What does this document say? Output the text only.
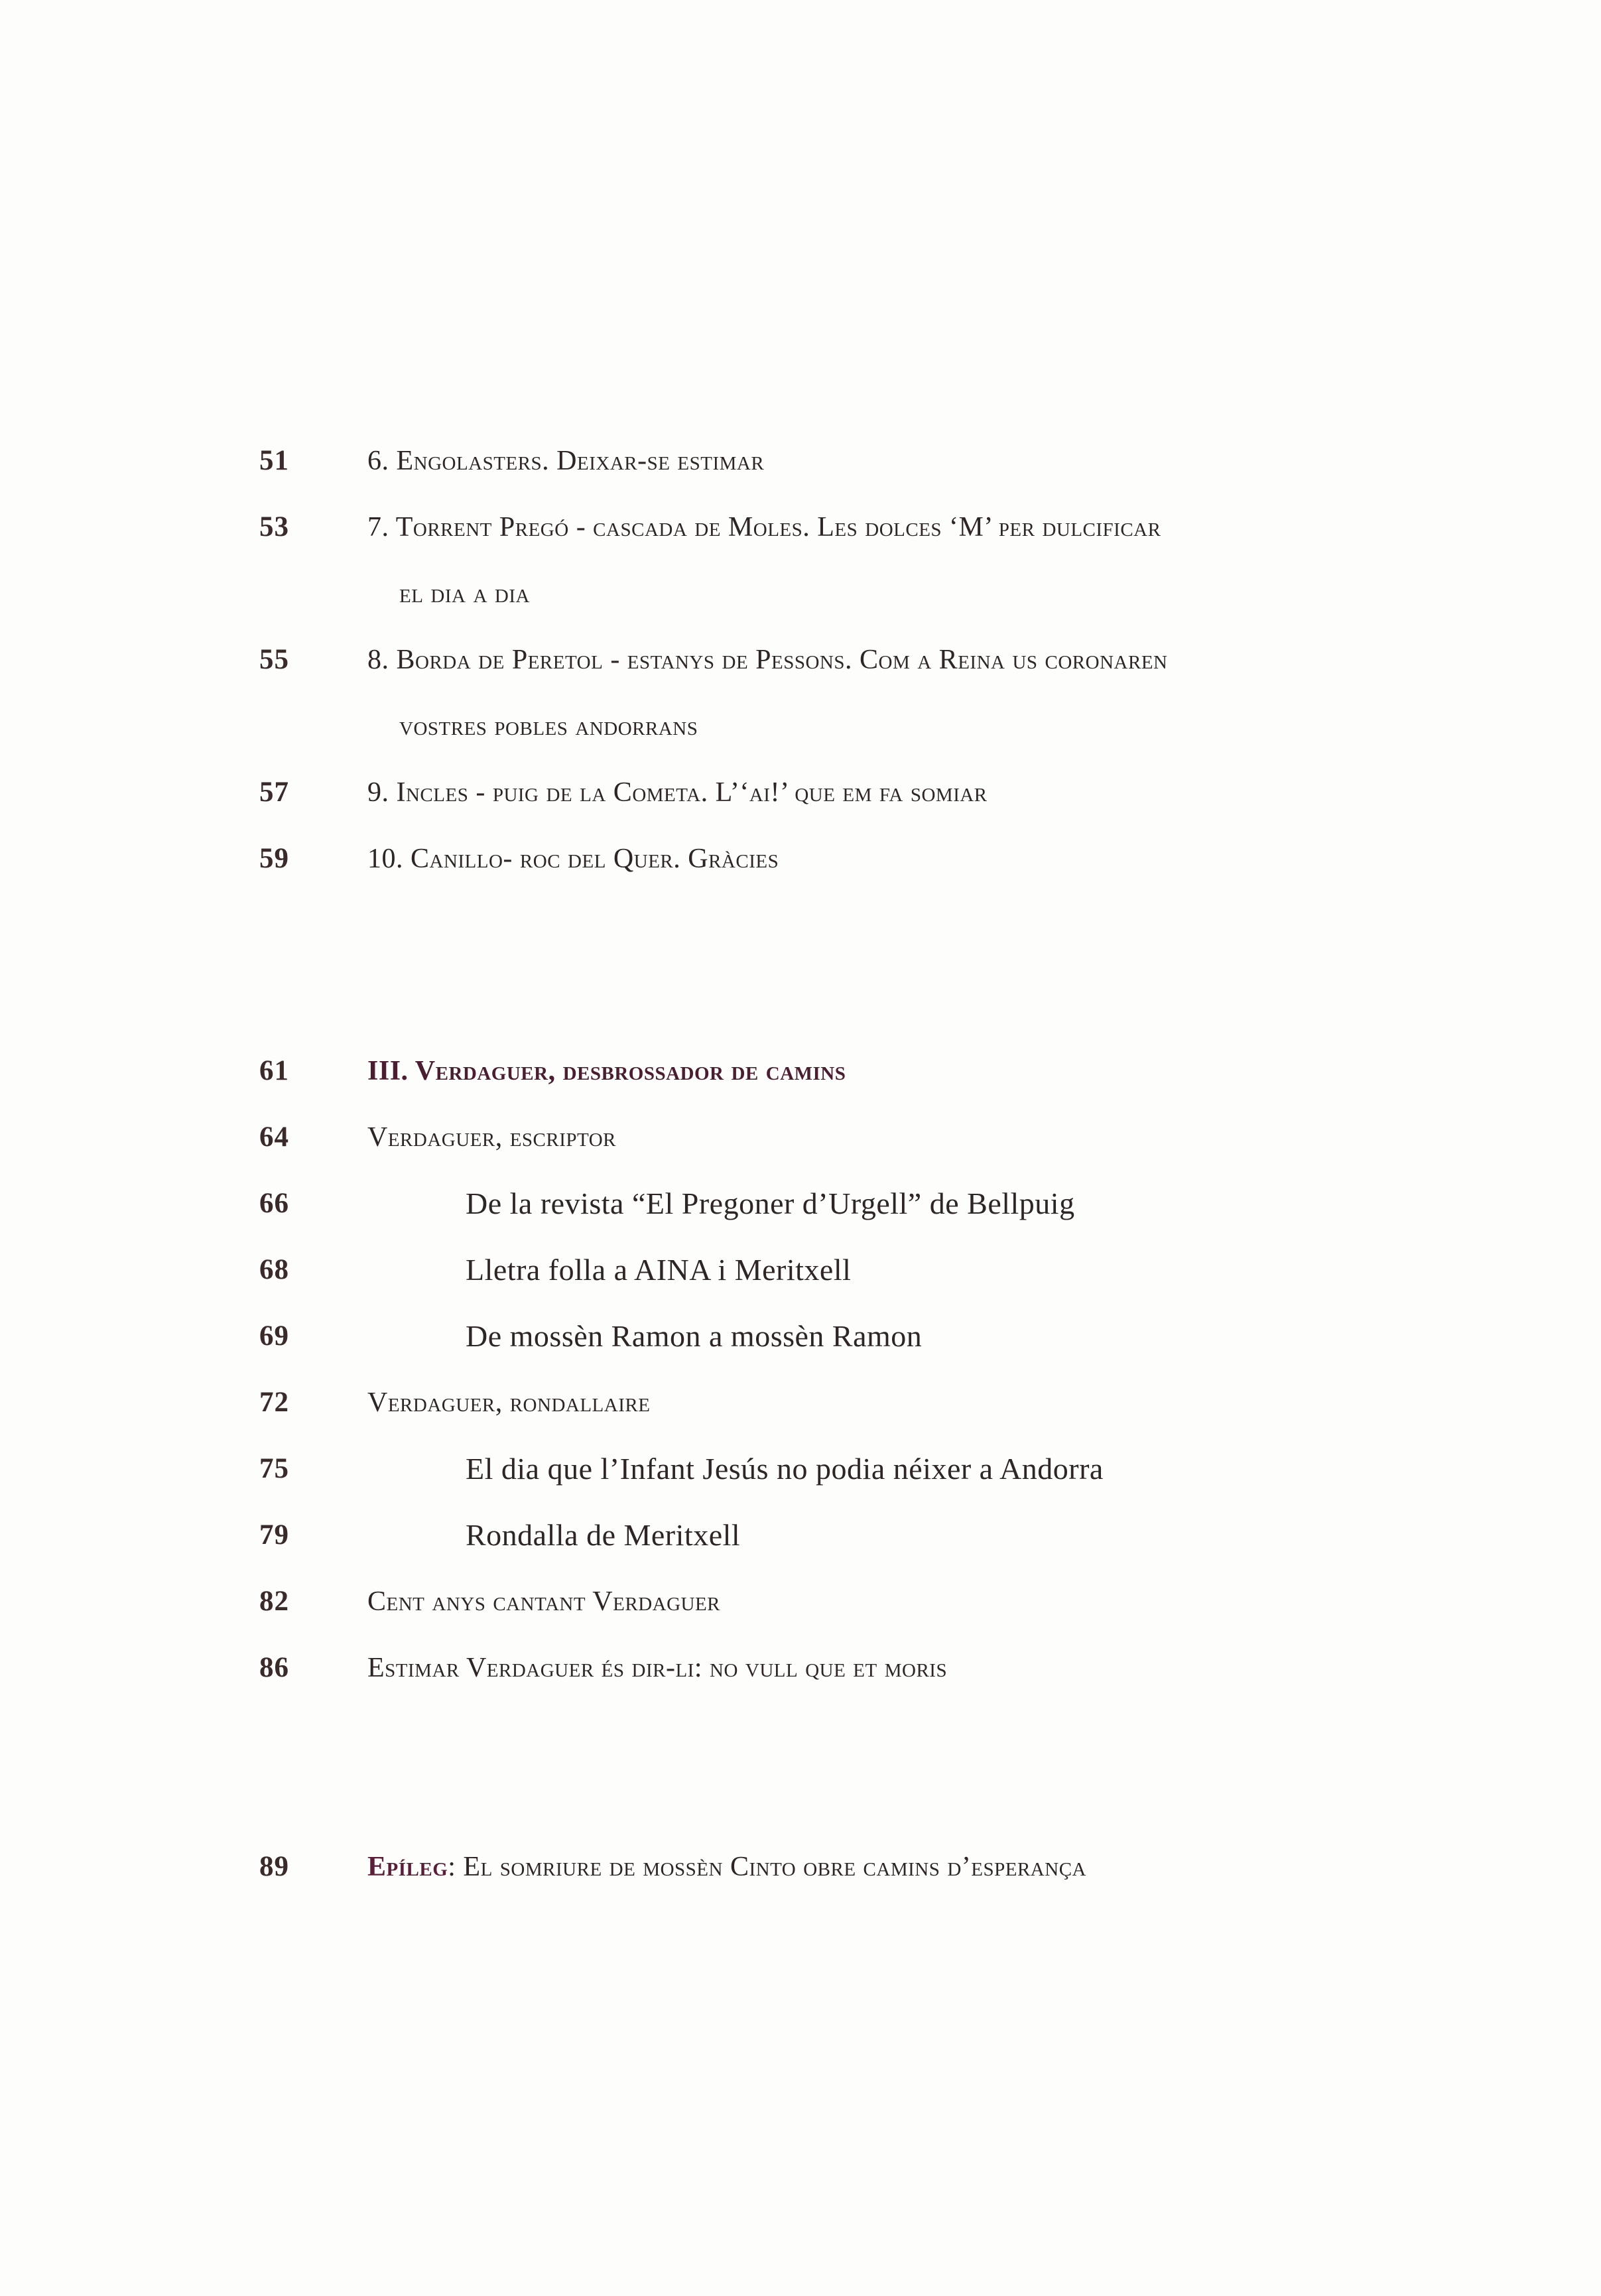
51	6. Engolasters. Deixar-se estimar
53	7. Torrent Pregó - cascada de Moles. Les dolces ‘M’ per dulcificar
el dia a dia
55	8. Borda de Peretol - estanys de Pessons. Com a Reina us coronaren
vostres pobles andorrans
57	9. Incles - puig de la Cometa. L’‘ai!’ que em fa somiar
59	10. Canillo- roc del Quer. Gràcies
61	III. Verdaguer, desbrossador de camins
64	Verdaguer, escriptor
66	De la revista “El Pregoner d’Urgell” de Bellpuig
68	Lletra folla a AINA i Meritxell
69	De mossèn Ramon a mossèn Ramon
72	Verdaguer, rondallaire
75	El dia que l’Infant Jesús no podia néixer a Andorra
79	Rondalla de Meritxell
82	Cent anys cantant Verdaguer
86	Estimar Verdaguer és dir-li: no vull que et moris
89	Epíleg: El somriure de mossèn Cinto obre camins d’esperança
